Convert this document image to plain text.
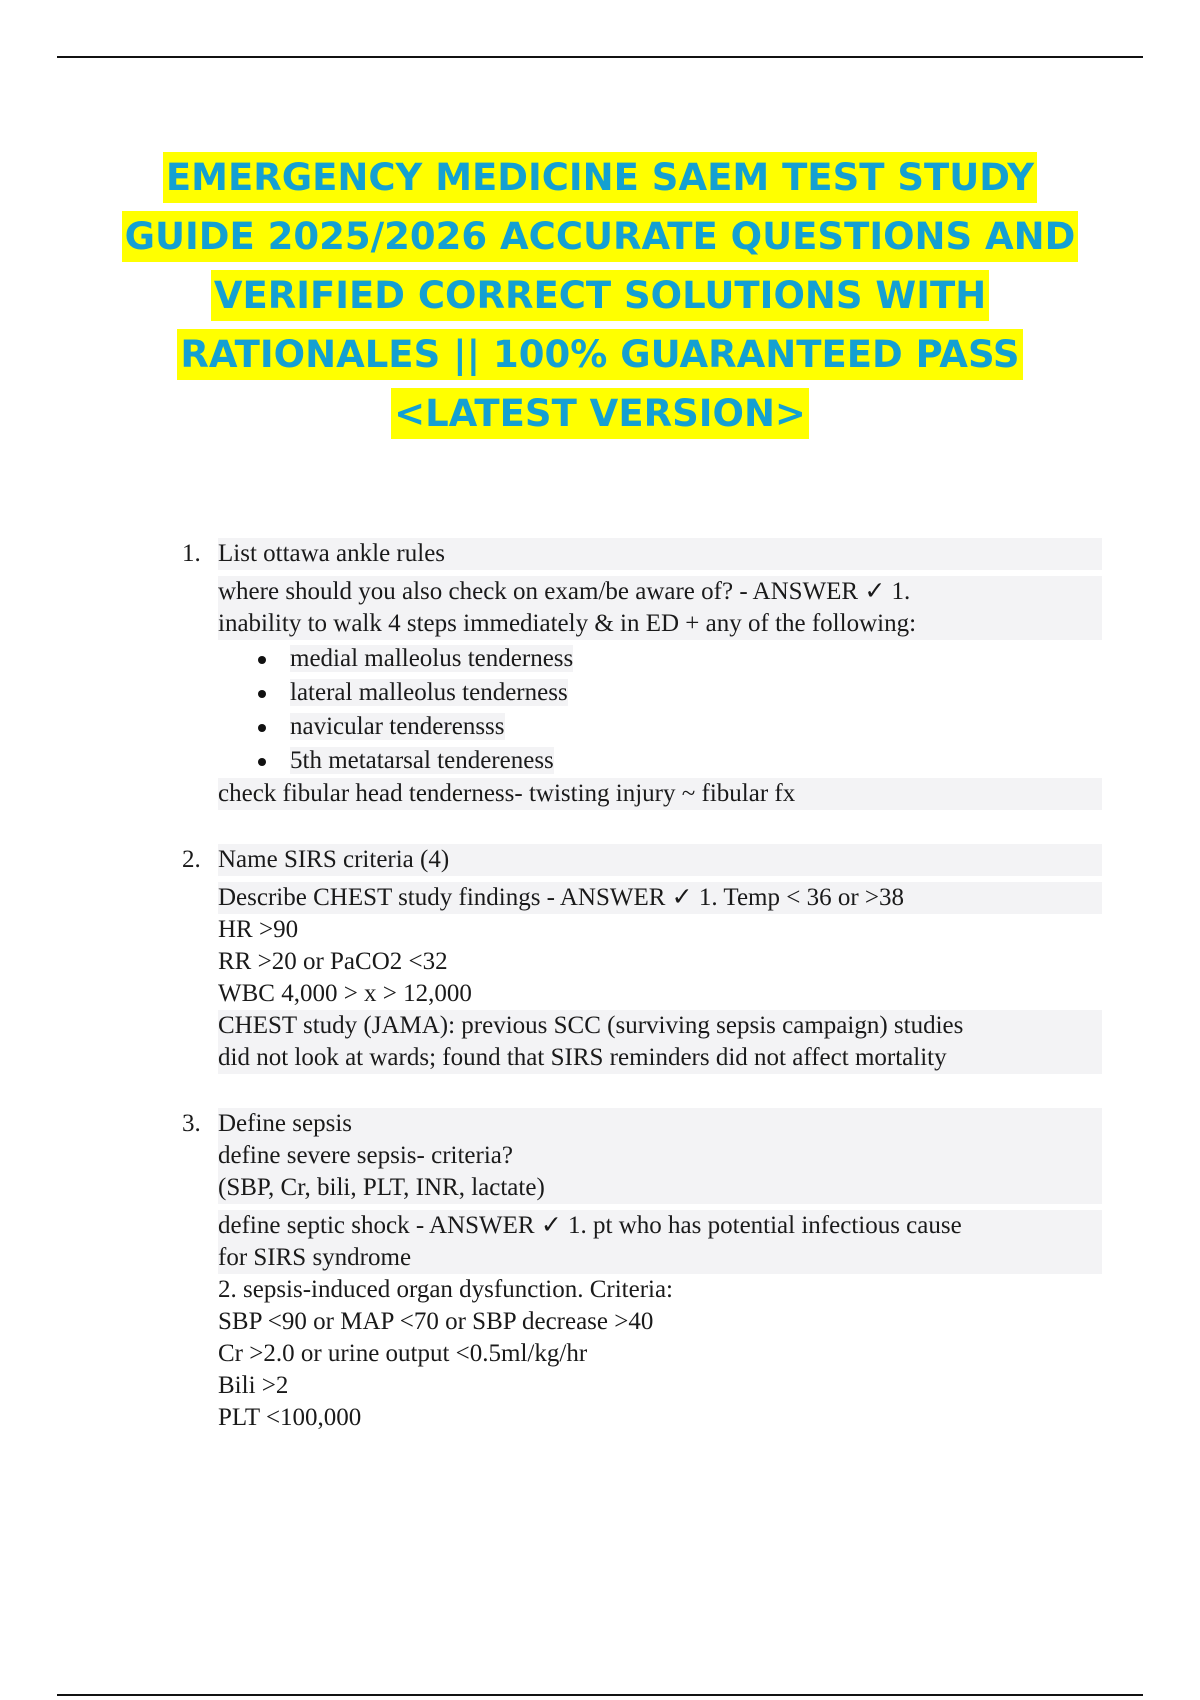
EMERGENCY MEDICINE SAEM TEST STUDY
GUIDE 2025/2026 ACCURATE QUESTIONS AND
VERIFIED CORRECT SOLUTIONS WITH
RATIONALES || 100% GUARANTEED PASS
<LATEST VERSION>
1. List ottawa ankle rules
where should you also check on exam/be aware of? - ANSWER ✓ 1.
inability to walk 4 steps immediately & in ED + any of the following:
medial malleolus tenderness
lateral malleolus tenderness
navicular tenderensss
5th metatarsal tendereness
check fibular head tenderness- twisting injury ~ fibular fx
2. Name SIRS criteria (4)
Describe CHEST study findings - ANSWER ✓ 1. Temp < 36 or >38
HR >90
RR >20 or PaCO2 <32
WBC 4,000 > x > 12,000
CHEST study (JAMA): previous SCC (surviving sepsis campaign) studies
did not look at wards; found that SIRS reminders did not affect mortality
3. Define sepsis
define severe sepsis- criteria?
(SBP, Cr, bili, PLT, INR, lactate)
define septic shock - ANSWER ✓ 1. pt who has potential infectious cause
for SIRS syndrome
2. sepsis-induced organ dysfunction. Criteria:
SBP <90 or MAP <70 or SBP decrease >40
Cr >2.0 or urine output <0.5ml/kg/hr
Bili >2
PLT <100,000
